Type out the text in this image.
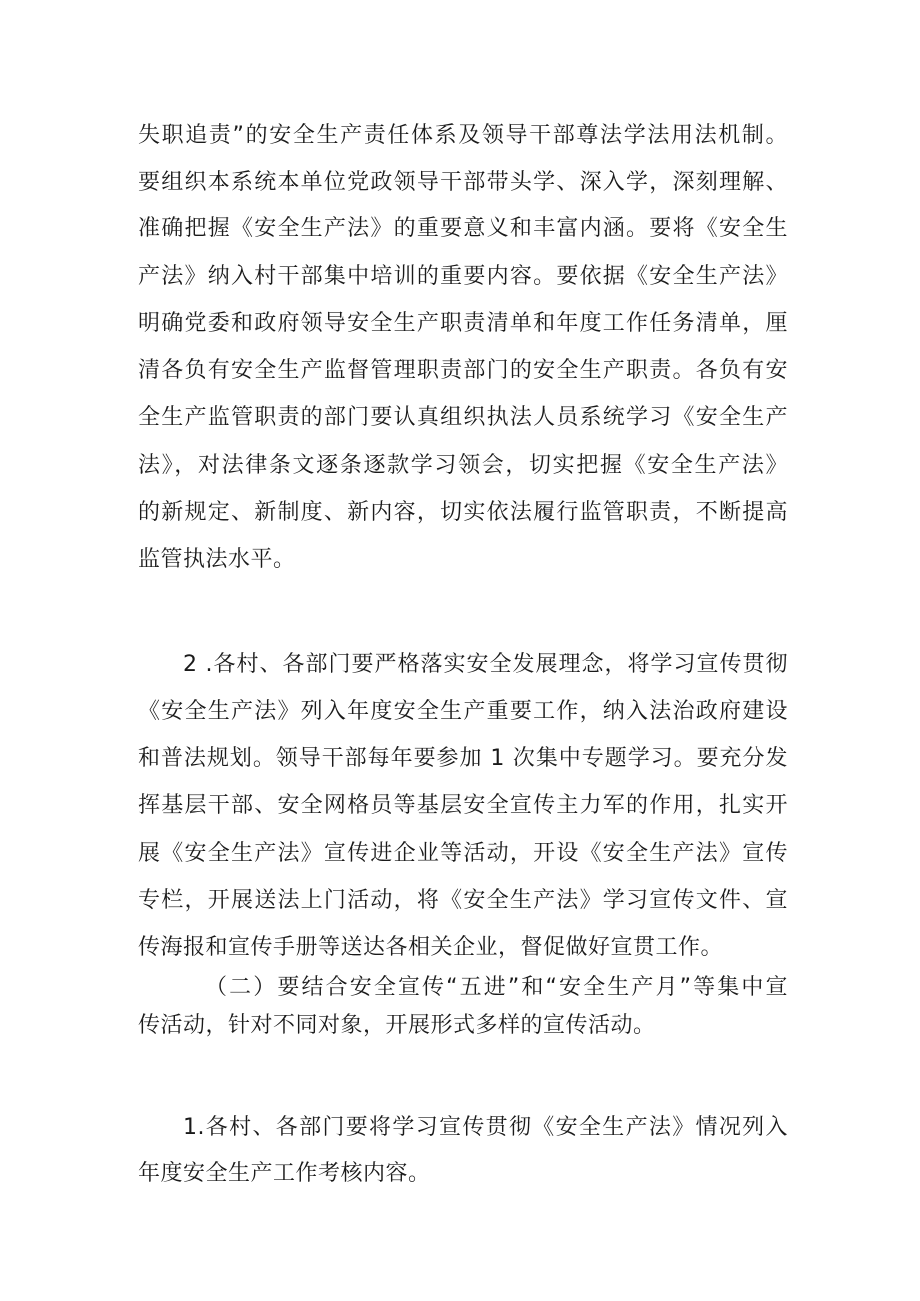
失职追责”的安全生产责任体系及领导干部尊法学法用法机制。

要组织本系统本单位党政领导干部带头学、深入学，深刻理解、

准确把握《安全生产法》的重要意义和丰富内涵。要将《安全生

产法》纳入村干部集中培训的重要内容。要依据《安全生产法》

明确党委和政府领导安全生产职责清单和年度工作任务清单，厘

清各负有安全生产监督管理职责部门的安全生产职责。各负有安

全生产监管职责的部门要认真组织执法人员系统学习《安全生产

法》，对法律条文逐条逐款学习领会，切实把握《安全生产法》

的新规定、新制度、新内容，切实依法履行监管职责，不断提高

监管执法水平。

2 .各村、各部门要严格落实安全发展理念，将学习宣传贯彻

《安全生产法》列入年度安全生产重要工作，纳入法治政府建设

和普法规划。领导干部每年要参加 1 次集中专题学习。要充分发

挥基层干部、安全网格员等基层安全宣传主力军的作用，扎实开

展《安全生产法》宣传进企业等活动，开设《安全生产法》宣传

专栏，开展送法上门活动，将《安全生产法》学习宣传文件、宣

传海报和宣传手册等送达各相关企业，督促做好宣贯工作。

（二）要结合安全宣传“五进”和“安全生产月”等集中宣

传活动，针对不同对象，开展形式多样的宣传活动。

1.各村、各部门要将学习宣传贯彻《安全生产法》情况列入

年度安全生产工作考核内容。
